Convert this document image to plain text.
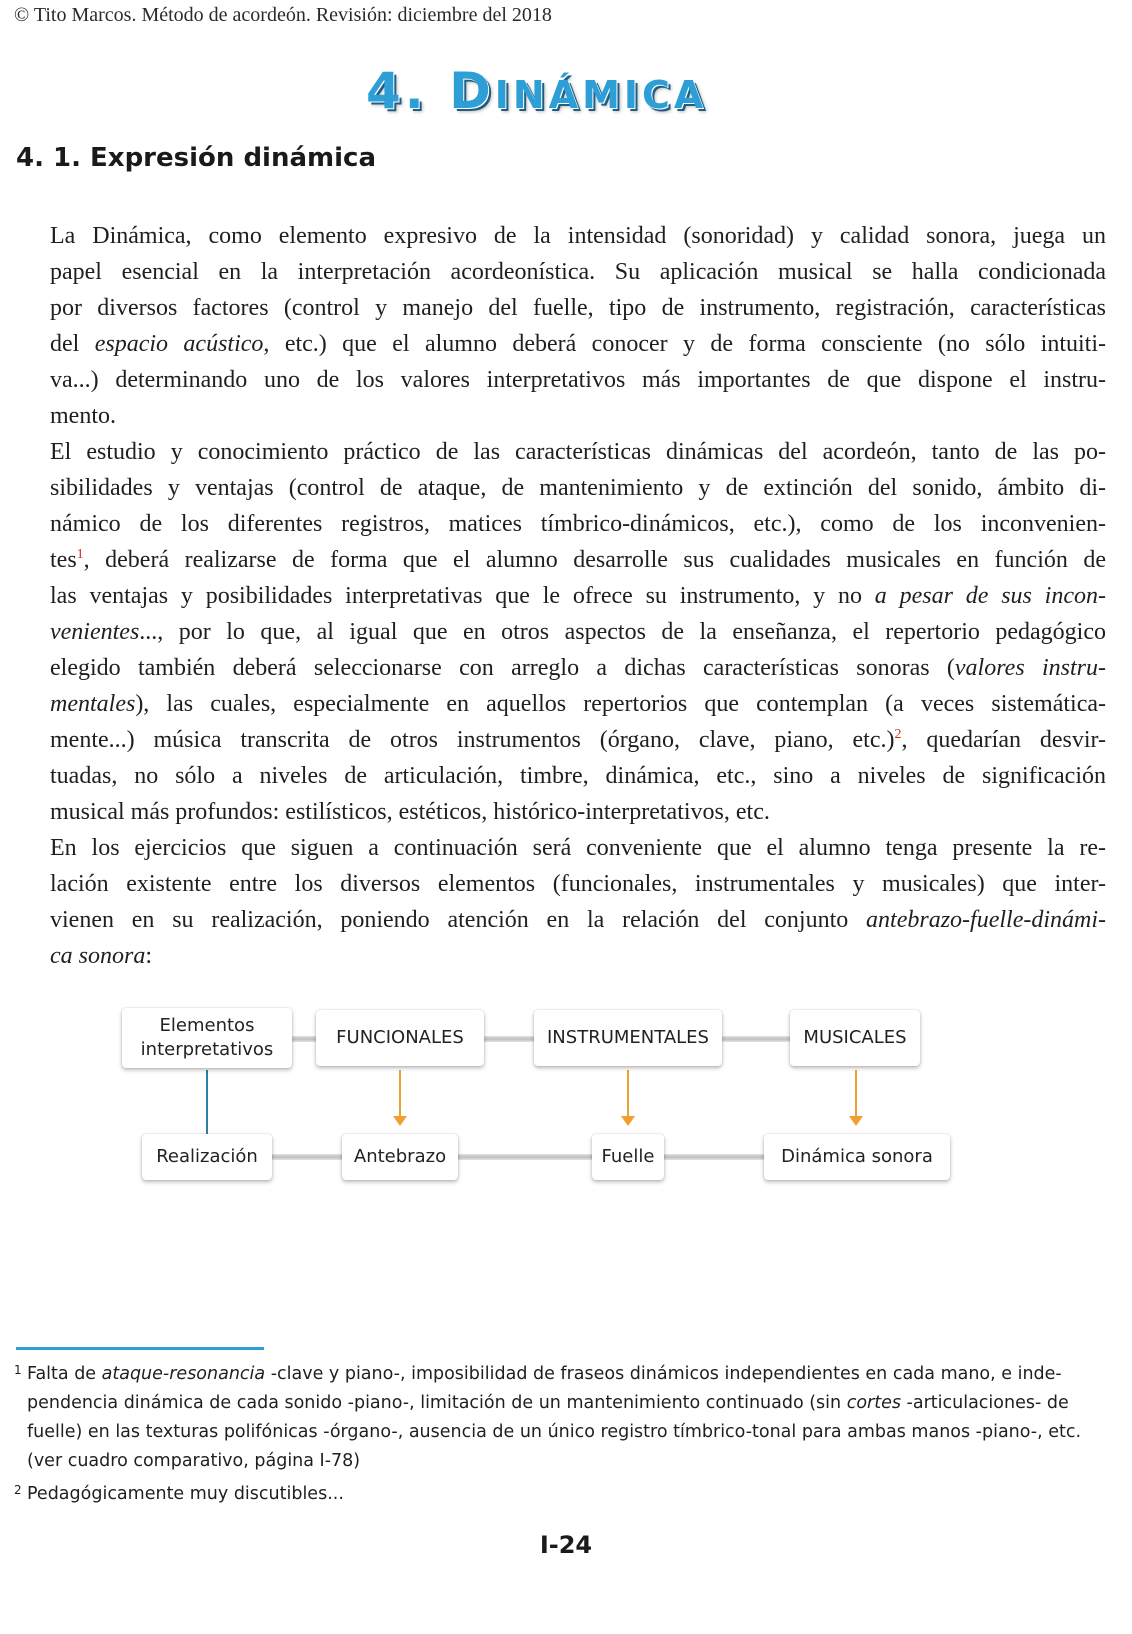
© Tito Marcos. Método de acordeón. Revisión: diciembre del 2018
4. DINÁMICA
4. 1. Expresión dinámica

La Dinámica, como elemento expresivo de la intensidad (sonoridad) y calidad sonora, juega un
papel esencial en la interpretación acordeonística. Su aplicación musical se halla condicionada
por diversos factores (control y manejo del fuelle, tipo de instrumento, registración, características
del espacio acústico, etc.) que el alumno deberá conocer y de forma consciente (no sólo intuiti-
va...) determinando uno de los valores interpretativos más importantes de que dispone el instru-
mento.

El estudio y conocimiento práctico de las características dinámicas del acordeón, tanto de las po-
sibilidades y ventajas (control de ataque, de mantenimiento y de extinción del sonido, ámbito di-
námico de los diferentes registros, matices tímbrico-dinámicos, etc.), como de los inconvenien-
tes$^1$, deberá realizarse de forma que el alumno desarrolle sus cualidades musicales en función de
las ventajas y posibilidades interpretativas que le ofrece su instrumento, y no a pesar de sus incon-
venientes..., por lo que, al igual que en otros aspectos de la enseñanza, el repertorio pedagógico
elegido también deberá seleccionarse con arreglo a dichas características sonoras (valores instru-
mentales), las cuales, especialmente en aquellos repertorios que contemplan (a veces sistemática-
mente...) música transcrita de otros instrumentos (órgano, clave, piano, etc.)$^2$, quedarían desvir-
tuadas, no sólo a niveles de articulación, timbre, dinámica, etc., sino a niveles de significación
musical más profundos: estilísticos, estéticos, histórico-interpretativos, etc.

En los ejercicios que siguen a continuación será conveniente que el alumno tenga presente la re-
lación existente entre los diversos elementos (funcionales, instrumentales y musicales) que inter-
vienen en su realización, poniendo atención en la relación del conjunto antebrazo-fuelle-dinámi-
ca sonora:

Elementos
interpretativos
FUNCIONALES	INSTRUMENTALES	MUSICALES
Realización	Antebrazo	Fuelle	Dinámica sonora
1 Falta de ataque-resonancia -clave y piano-, imposibilidad de fraseos dinámicos independientes en cada mano, e inde-
pendencia dinámica de cada sonido -piano-, limitación de un mantenimiento continuado (sin cortes -articulaciones- de
fuelle) en las texturas polifónicas -órgano-, ausencia de un único registro tímbrico-tonal para ambas manos -piano-, etc.
(ver cuadro comparativo, página I-78)
2 Pedagógicamente muy discutibles...
I-24
